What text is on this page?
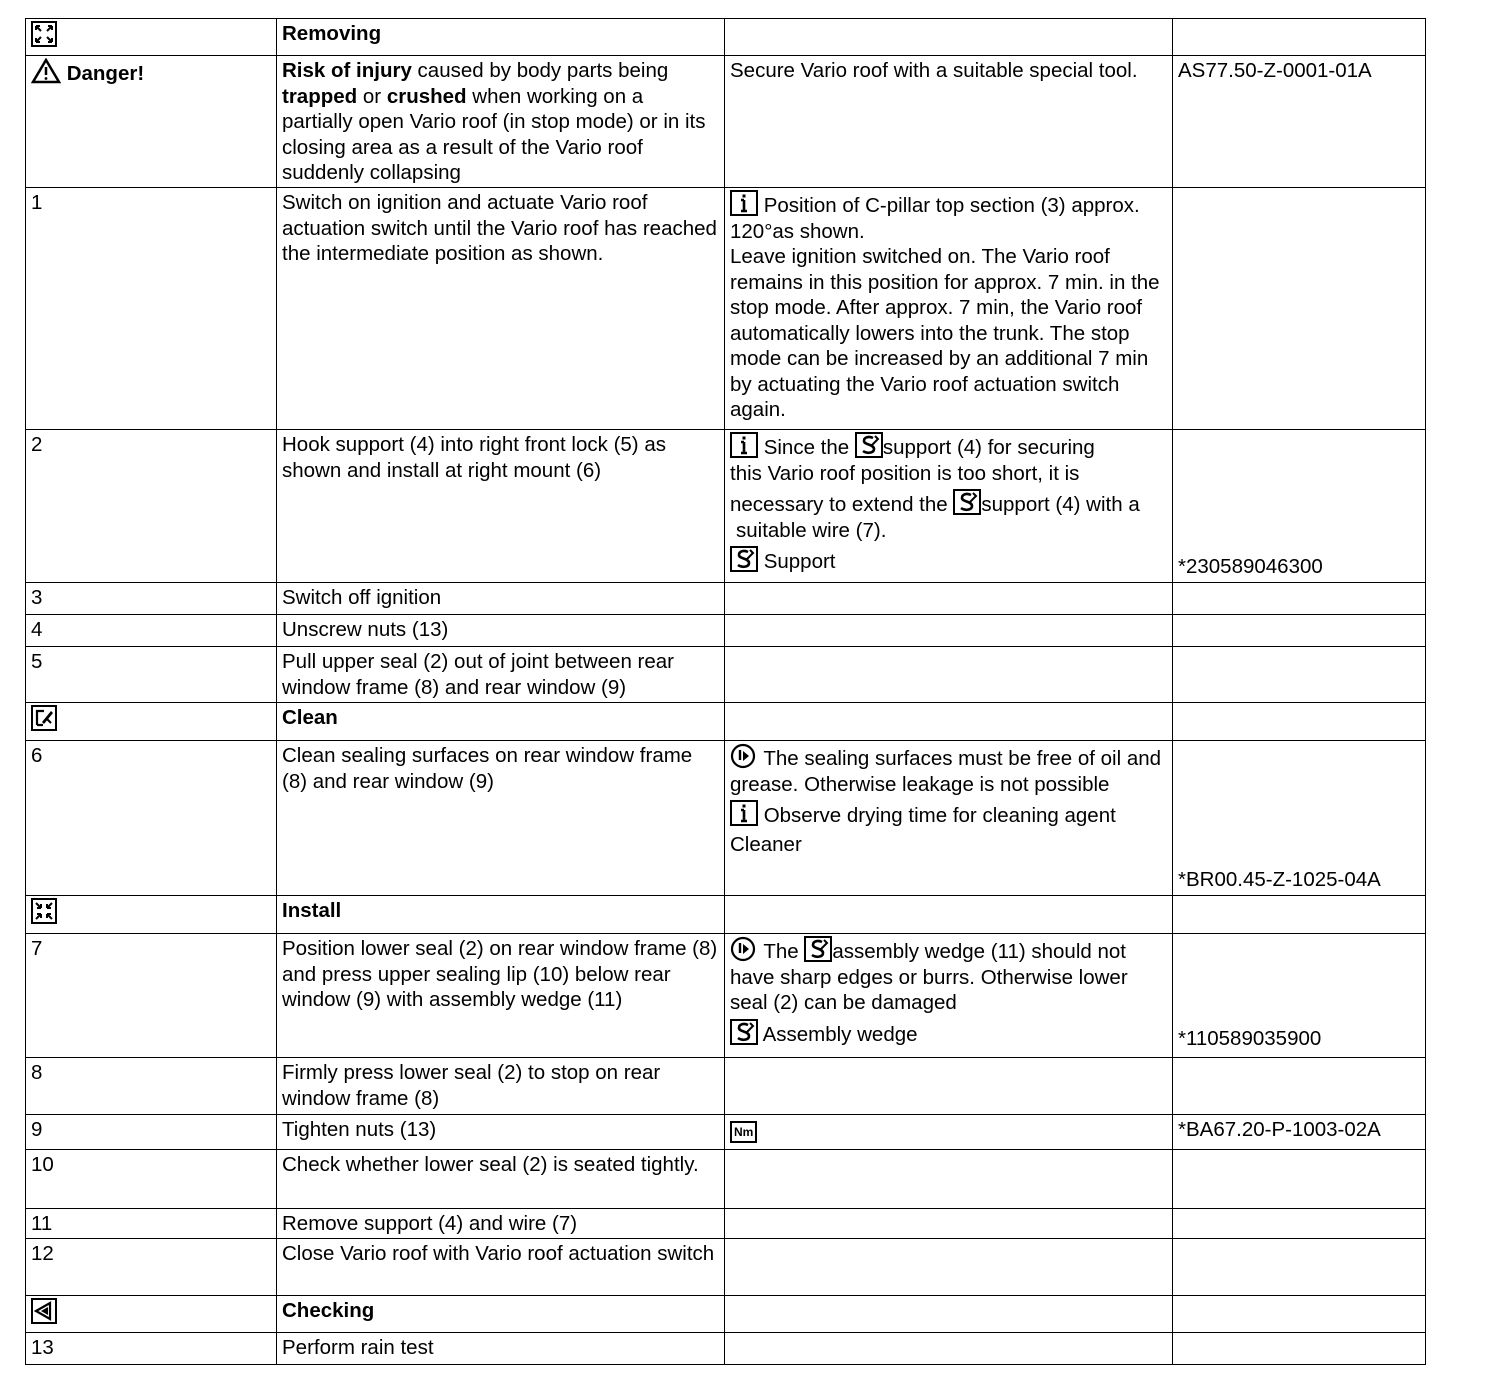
	Removing		
Danger!	Risk of injury caused by body parts being trapped or crushed when working on a partially open Vario roof (in stop mode) or in its closing area as a result of the Vario roof suddenly collapsing	Secure Vario roof with a suitable special tool.	AS77.50-Z-0001-01A
1	Switch on ignition and actuate Vario roof actuation switch until the Vario roof has reached the intermediate position as shown.	Position of C-pillar top section (3) approx. 120°as shown.
Leave ignition switched on. The Vario roof remains in this position for approx. 7 min. in the stop mode. After approx. 7 min, the Vario roof automatically lowers into the trunk. The stop mode can be increased by an additional 7 min by actuating the Vario roof actuation switch again.	

2	Hook support (4) into right front lock (5) as shown and install at right mount (6)	Since the support (4) for securing
this Vario roof position is too short, it is
necessary to extend the support (4) with a
suitable wire (7).
Support	*230589046300
3	Switch off ignition		
4	Unscrew nuts (13)		
5	Pull upper seal (2) out of joint between rear window frame (8) and rear window (9)		
	Clean		
6	Clean sealing surfaces on rear window frame (8) and rear window (9)	The sealing surfaces must be free of oil and grease. Otherwise leakage is not possible
Observe drying time for cleaning agent
Cleaner	*BR00.45-Z-1025-04A
	Install		
7	Position lower seal (2) on rear window frame (8) and press upper sealing lip (10) below rear window (9) with assembly wedge (11)	The assembly wedge (11) should not have sharp edges or burrs. Otherwise lower seal (2) can be damaged
Assembly wedge	*110589035900
8	Firmly press lower seal (2) to stop on rear window frame (8)		
9	Tighten nuts (13)	Nm	*BA67.20-P-1003-02A
10	Check whether lower seal (2) is seated tightly.		
11	Remove support (4) and wire (7)		
12	Close Vario roof with Vario roof actuation switch		
	Checking		
13	Perform rain test		
